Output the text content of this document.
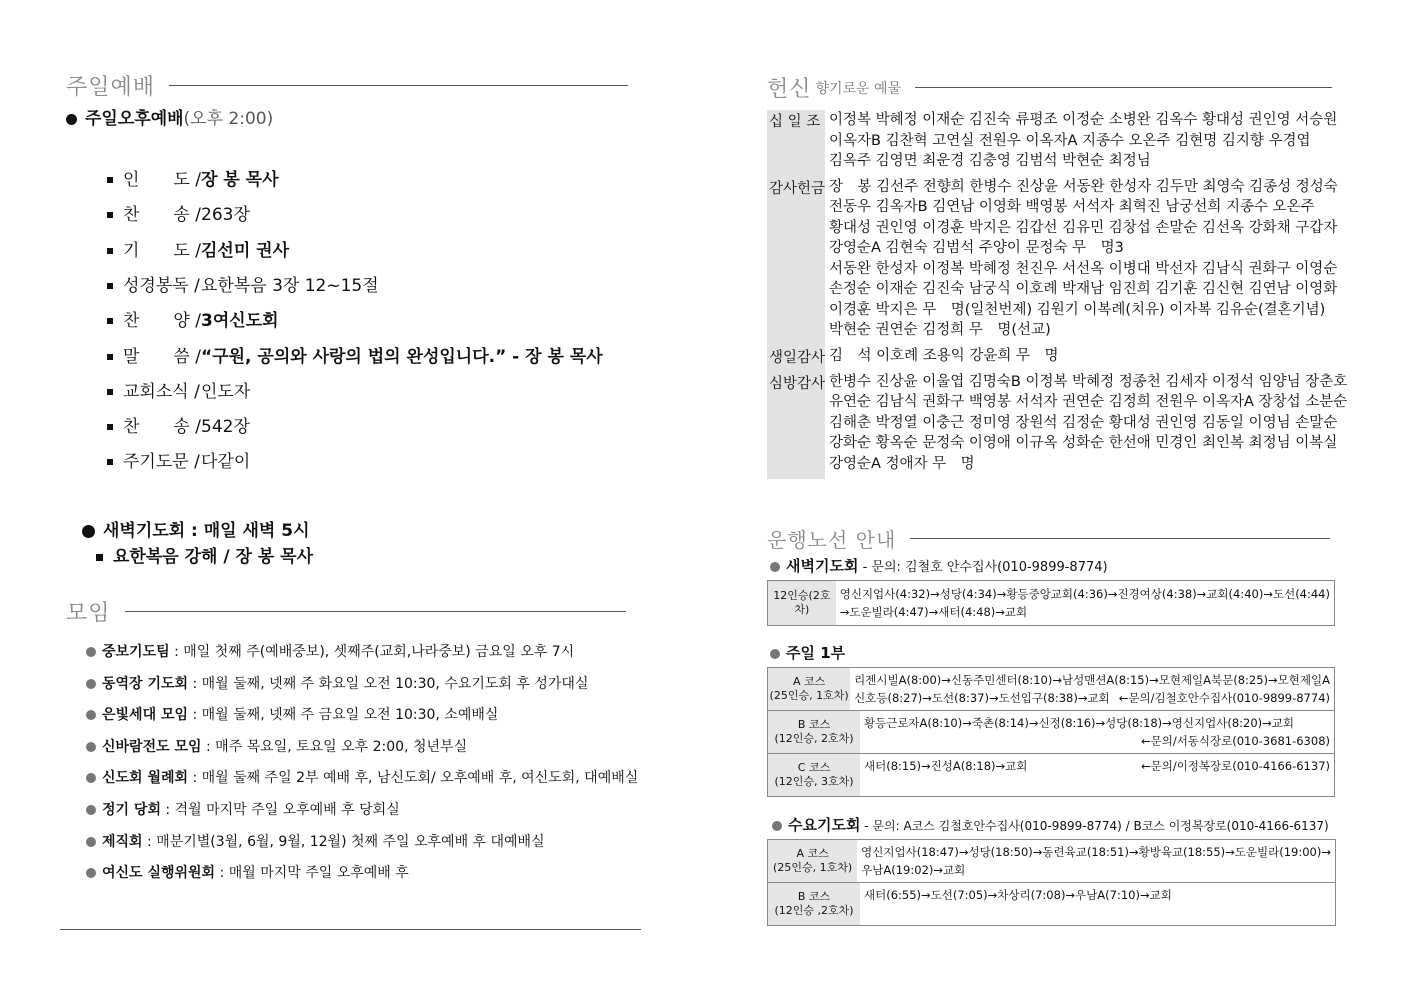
주일예배
주일오후예배(오후 2:00)
인　　도 /장 봉 목사
찬　　송 /263장
기　　도 /김선미 권사
성경봉독 /요한복음 3장 12~15절
찬　　양 /3여신도회
말　　씀 /“구원, 공의와 사랑의 법의 완성입니다.” - 장 봉 목사
교회소식 /인도자
찬　　송 /542장
주기도문 /다같이
새벽기도회 : 매일 새벽 5시
요한복음 강해 / 장 봉 목사
모임
중보기도팀 : 매일 첫째 주(예배중보), 셋째주(교회,나라중보) 금요일 오후 7시
동역장 기도회 : 매월 둘째, 넷째 주 화요일 오전 10:30, 수요기도회 후 성가대실
은빛세대 모임 : 매월 둘째, 넷째 주 금요일 오전 10:30, 소예배실
신바람전도 모임 : 매주 목요일, 토요일 오후 2:00, 청년부실
신도회 월례회 : 매월 둘째 주일 2부 예배 후, 남신도회/ 오후예배 후, 여신도회, 대예배실
정기 당회 : 격월 마지막 주일 오후예배 후 당회실
제직회 : 매분기별(3월, 6월, 9월, 12월) 첫째 주일 오후예배 후 대예배실
여신도 실행위원회 : 매월 마지막 주일 오후예배 후
헌신 향기로운 예물
십 일 조 이정복 박혜정 이재순 김진숙 류평조 이정순 소병완 김옥수 황대성 권인영 서승원
이옥자B 김찬혁 고연실 전원우 이옥자A 지종수 오온주 김현명 김지향 우경엽
김옥주 김영면 최운경 김충영 김범석 박현순 최정님
감사헌금 장　봉 김선주 전향희 한병수 진상윤 서동완 한성자 김두만 최영숙 김종성 정성숙
전동우 김옥자B 김연남 이영화 백영봉 서석자 최혁진 남궁선희 지종수 오온주
황대성 권인영 이경훈 박지은 김갑선 김유민 김창섭 손말순 김선옥 강화채 구갑자
강영순A 김현숙 김범석 주양이 문정숙 무　명3
서동완 한성자 이정복 박혜정 천진우 서선옥 이병대 박선자 김남식 권화구 이영순
손정순 이재순 김진숙 남궁식 이호례 박재남 임진희 김기훈 김신현 김연남 이영화
이경훈 박지은 무　명(일천번제) 김원기 이복례(치유) 이자복 김유순(결혼기념)
박현순 권연순 김정희 무　명(선교)
생일감사 김　석 이호례 조용익 강윤희 무　명
심방감사 한병수 진상윤 이울엽 김명숙B 이정복 박혜정 정종천 김세자 이정석 임양님 장춘호
유연순 김남식 권화구 백영봉 서석자 권연순 김정희 전원우 이옥자A 장창섭 소분순
김해춘 박정열 이충근 정미영 장원석 김정순 황대성 권인영 김동일 이영님 손말순
강화순 황옥순 문정숙 이영애 이규옥 성화순 한선애 민경인 최인복 최정님 이복실
강영순A 정애자 무　명
운행노선 안내
새벽기도회 - 문의: 김철호 안수집사(010-9899-8774)
12인승(2호차)
영신지업사(4:32)→성당(4:34)→황등중앙교회(4:36)→진경여상(4:38)→교회(4:40)→도선(4:44)
→도운빌라(4:47)→새터(4:48)→교회
주일 1부
A 코스
(25인승, 1호차)
리젠시빌A(8:00)→신동주민센터(8:10)→남성맨션A(8:15)→모현제일A북문(8:25)→모현제일A
신호등(8:27)→도선(8:37)→도선입구(8:38)→교회 ←문의/김철호안수집사(010-9899-8774)
B 코스
(12인승, 2호차)
황등근로자A(8:10)→죽촌(8:14)→신정(8:16)→성당(8:18)→영신지업사(8:20)→교회
←문의/서동식장로(010-3681-6308)
C 코스
(12인승, 3호차)
새터(8:15)→진성A(8:18)→교회	←문의/이정복장로(010-4166-6137)
수요기도회 - 문의: A코스 김철호안수집사(010-9899-8774) / B코스 이정복장로(010-4166-6137)
A 코스
(25인승, 1호차)
영신지업사(18:47)→성당(18:50)→동련육교(18:51)→황방육교(18:55)→도운빌라(19:00)→
우남A(19:02)→교회
B 코스
(12인승 ,2호차)
새터(6:55)→도선(7:05)→차상리(7:08)→우남A(7:10)→교회
